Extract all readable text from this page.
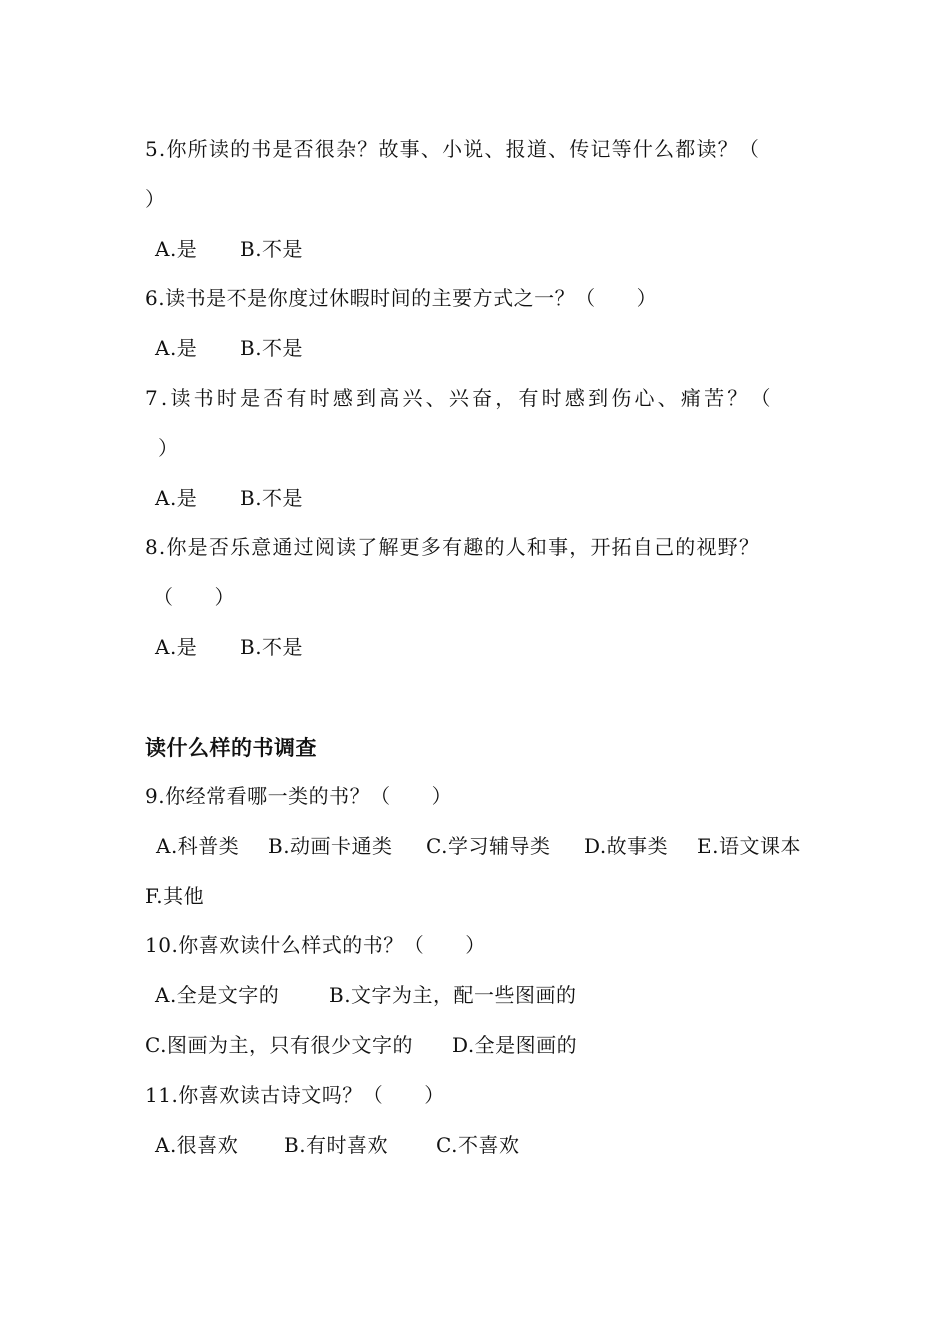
5.你所读的书是否很杂？故事、小说、报道、传记等什么都读？（
）
A.是 B.不是
6.读书是不是你度过休暇时间的主要方式之一？（　　）
A.是 B.不是
7.读书时是否有时感到高兴、兴奋，有时感到伤心、痛苦？（
）
A.是 B.不是
8.你是否乐意通过阅读了解更多有趣的人和事，开拓自己的视野？
（　　）
A.是 B.不是
读什么样的书调查
9.你经常看哪一类的书？（　　）
A.科普类 B.动画卡通类 C.学习辅导类 D.故事类 E.语文课本
F.其他
10.你喜欢读什么样式的书？（　　）
A.全是文字的 B.文字为主，配一些图画的
C.图画为主，只有很少文字的 D.全是图画的
11.你喜欢读古诗文吗？（　　）
A.很喜欢 B.有时喜欢 C.不喜欢
